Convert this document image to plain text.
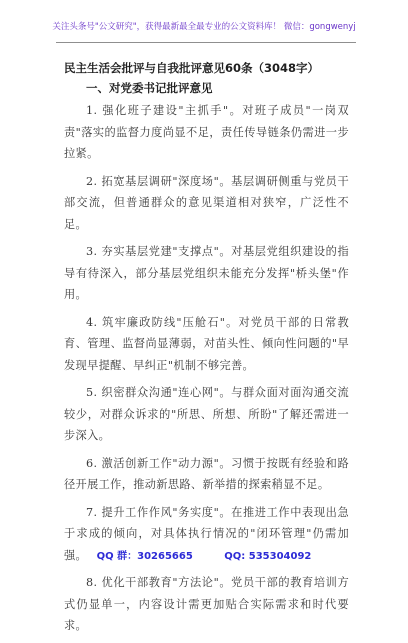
关注头条号"公文研究"，获得最新最全最专业的公文资料库！ 微信：gongwenyj
民主生活会批评与自我批评意见60条（3048字）
一、对党委书记批评意见

1. 强化班子建设"主抓手"。对班子成员"一岗双责"落实的监督力度尚显不足，责任传导链条仍需进一步拉紧。

2. 拓宽基层调研"深度场"。基层调研侧重与党员干部交流，但普通群众的意见渠道相对狭窄，广泛性不足。

3. 夯实基层党建"支撑点"。对基层党组织建设的指导有待深入，部分基层党组织未能充分发挥"桥头堡"作用。

4. 筑牢廉政防线"压舱石"。对党员干部的日常教育、管理、监督尚显薄弱，对苗头性、倾向性问题的"早发现早提醒、早纠正"机制不够完善。

5. 织密群众沟通"连心网"。与群众面对面沟通交流较少，对群众诉求的"所思、所想、所盼"了解还需进一步深入。

6. 激活创新工作"动力源"。习惯于按既有经验和路径开展工作，推动新思路、新举措的探索稍显不足。

7. 提升工作作风"务实度"。在推进工作中表现出急于求成的倾向，对具体执行情况的"闭环管理"仍需加强。

8. 优化干部教育"方法论"。党员干部的教育培训方式仍显单一，内容设计需更加贴合实际需求和时代要求。

QQ 群：30265665	QQ: 535304092
